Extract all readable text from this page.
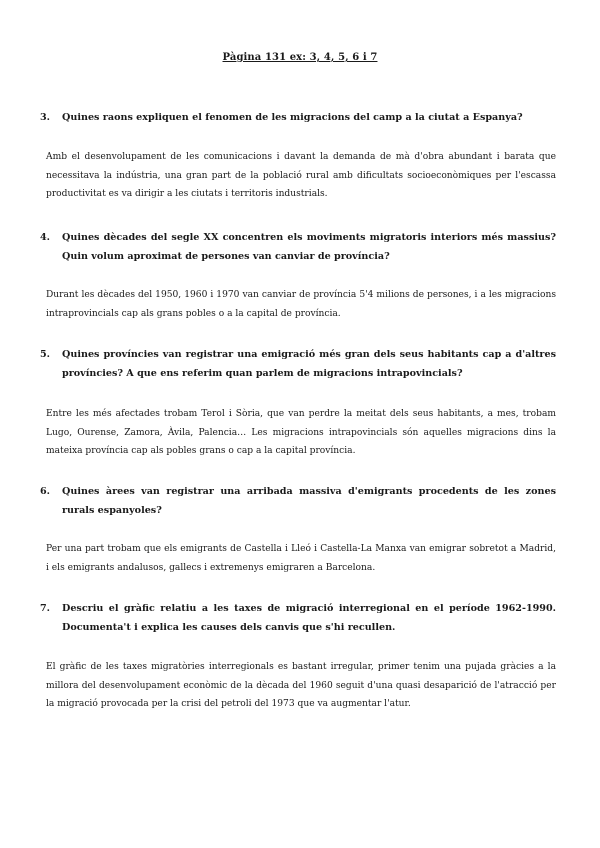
Pàgina 131 ex: 3, 4, 5, 6 i 7
3. Quines raons expliquen el fenomen de les migracions del camp a la ciutat a Espanya?
Amb el desenvolupament de les comunicacions i davant la demanda de mà d'obra abundant i barata que necessitava la indústria, una gran part de la població rural amb dificultats socioeconòmiques per l'escassa productivitat es va dirigir a les ciutats i territoris industrials.
4. Quines dècades del segle XX concentren els moviments migratoris interiors més massius? Quin volum aproximat de persones van canviar de província?
Durant les dècades del 1950, 1960 i 1970 van canviar de província 5'4 milions de persones, i a les migracions intraprovincials cap als grans pobles o a la capital de província.
5. Quines províncies van registrar una emigració més gran dels seus habitants cap a d'altres províncies? A que ens referim quan parlem de migracions intrapovincials?
Entre les més afectades trobam Terol i Sòria, que van perdre la meitat dels seus habitants, a mes, trobam Lugo, Ourense, Zamora, Àvila, Palencia… Les migracions intrapovincials són aquelles migracions dins la mateixa província cap als pobles grans o cap a la capital província.
6. Quines àrees van registrar una arribada massiva d'emigrants procedents de les zones rurals espanyoles?
Per una part trobam que els emigrants de Castella i Lleó i Castella-La Manxa van emigrar sobretot a Madrid, i els emigrants andalusos, gallecs i extremenys emigraren a Barcelona.
7. Descriu el gràfic relatiu a les taxes de migració interregional en el període 1962-1990. Documenta't i explica les causes dels canvis que s'hi recullen.
El gràfic de les taxes migratòries interregionals es bastant irregular, primer tenim una pujada gràcies a la millora del desenvolupament econòmic de la dècada del 1960 seguit d'una quasi desaparició de l'atracció per la migració provocada per la crisi del petroli del 1973 que va augmentar l'atur.
